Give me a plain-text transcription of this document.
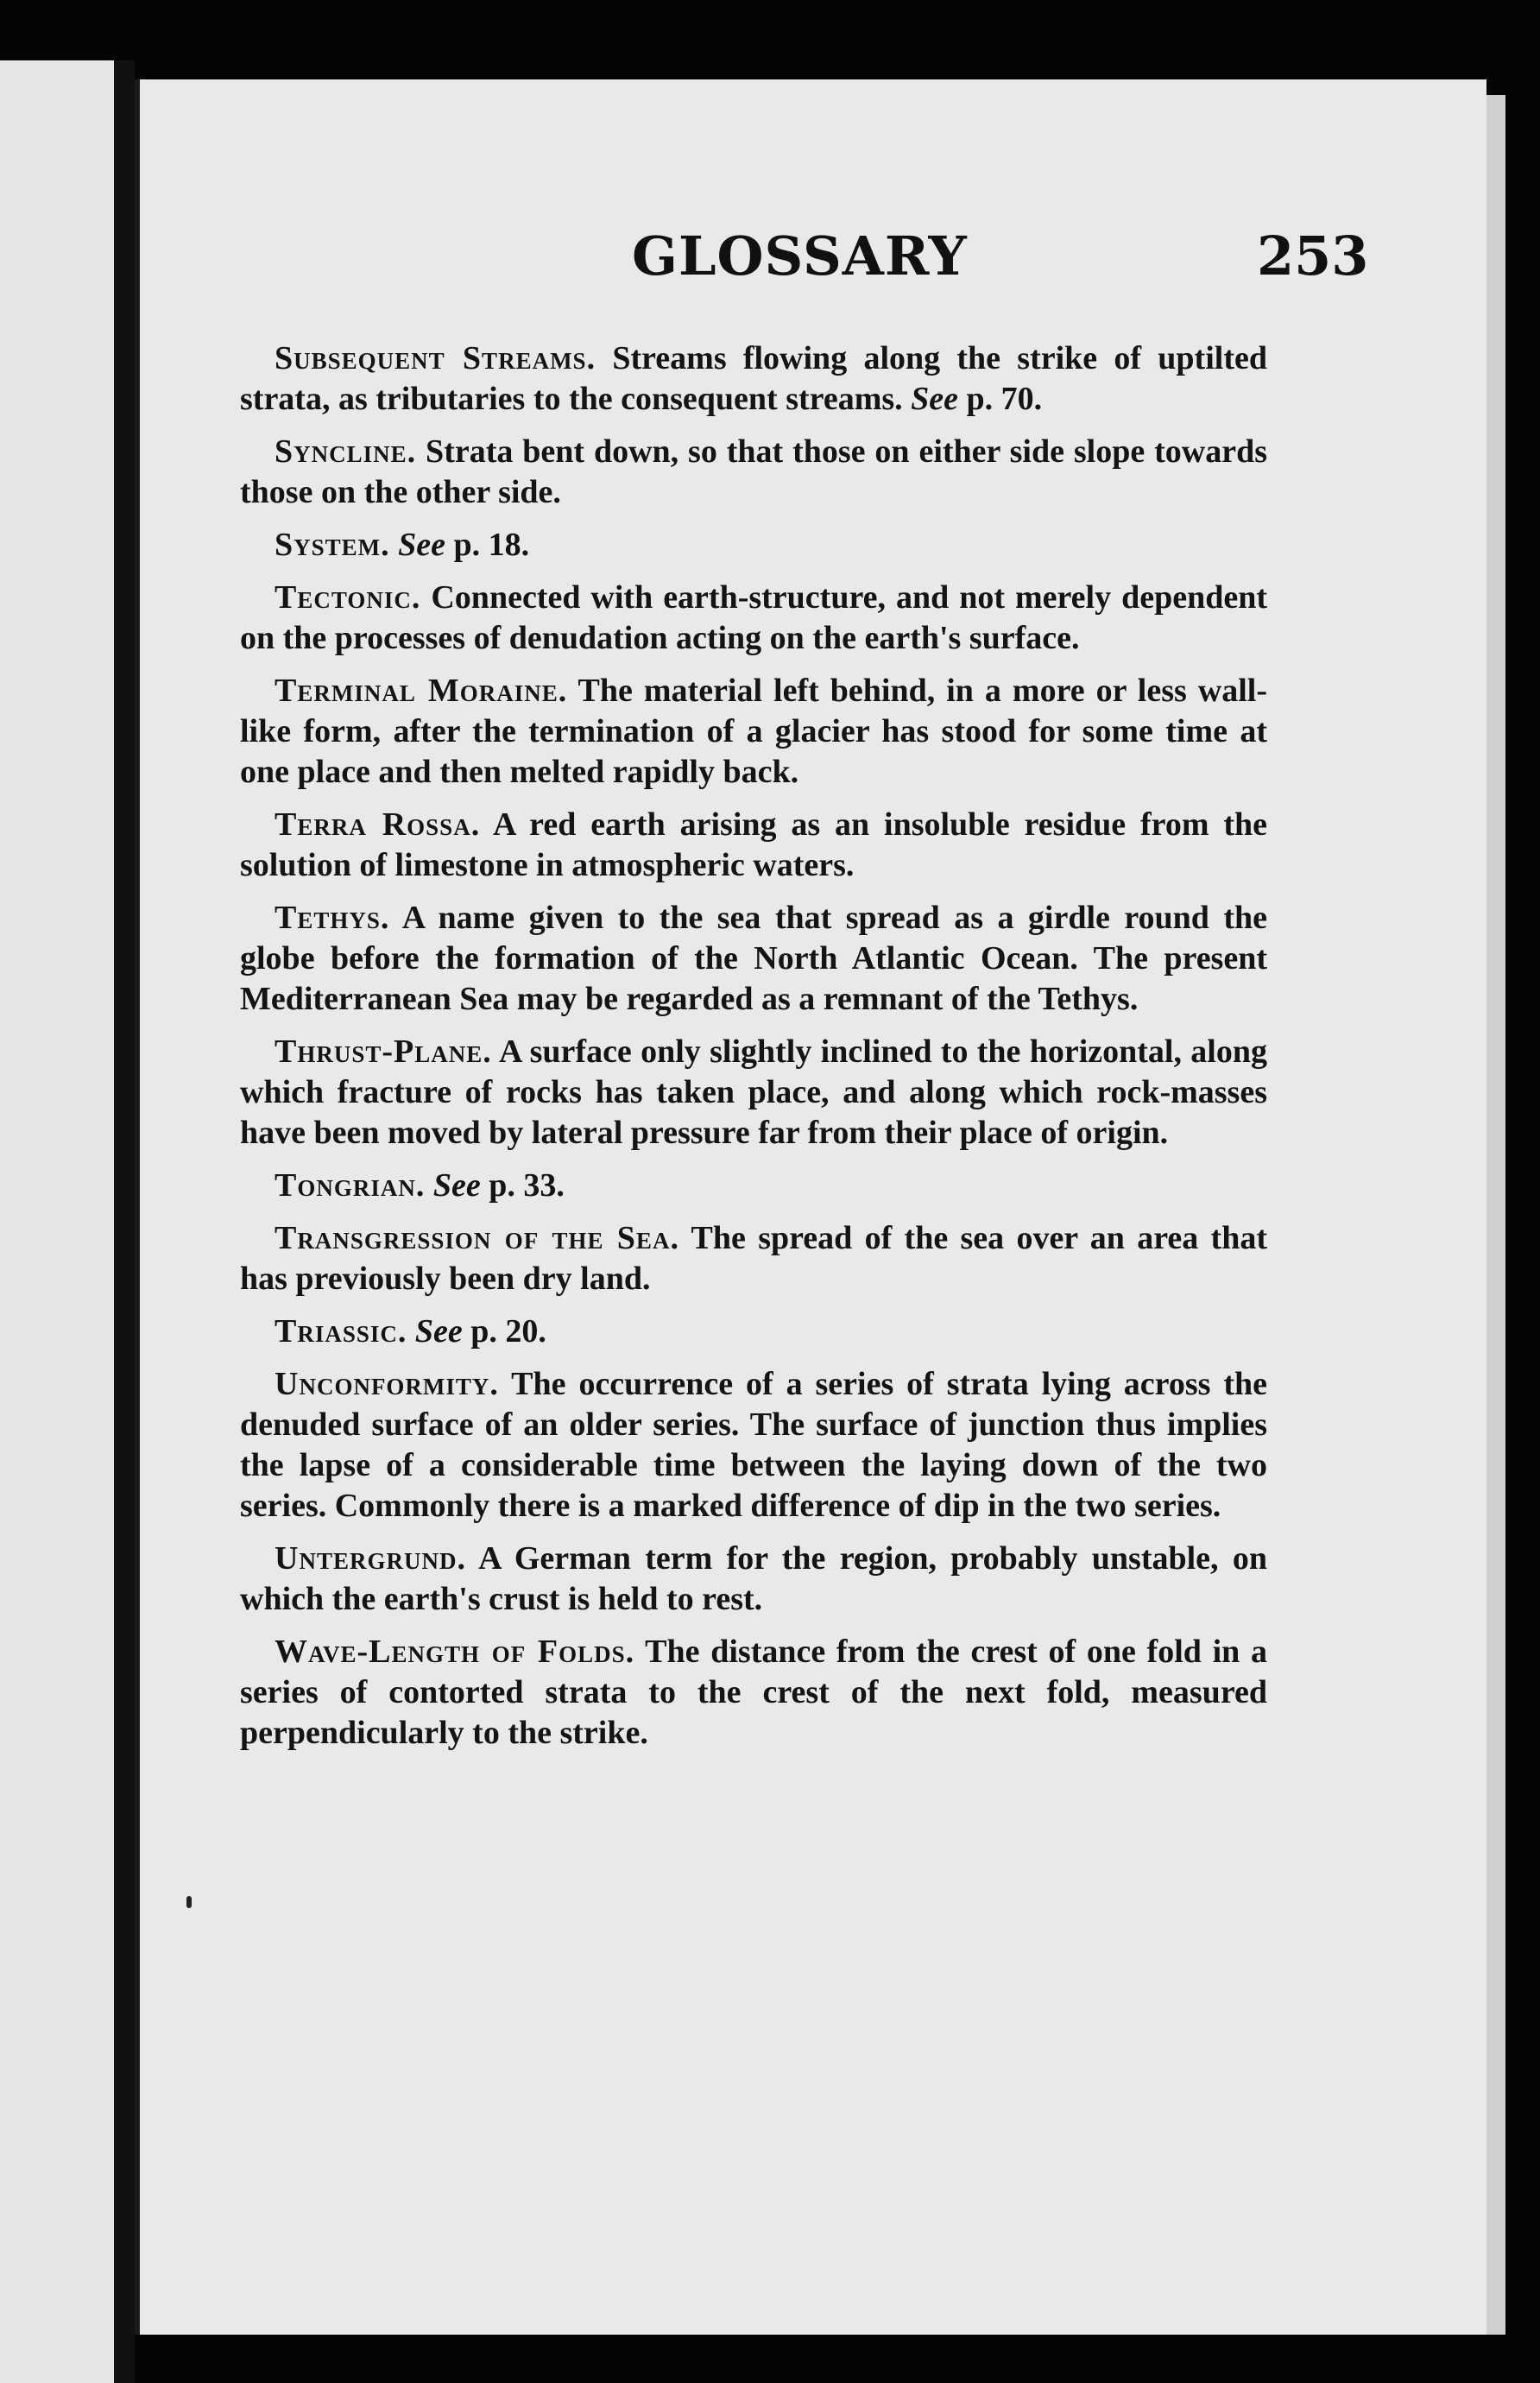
GLOSSARY	253

Subsequent Streams. Streams flowing along the strike of uptilted strata, as tributaries to the consequent streams. See p. 70.

Syncline. Strata bent down, so that those on either side slope towards those on the other side.

System. See p. 18.

Tectonic. Connected with earth-structure, and not merely dependent on the processes of denudation acting on the earth's surface.

Terminal Moraine. The material left behind, in a more or less wall-like form, after the termination of a glacier has stood for some time at one place and then melted rapidly back.

Terra Rossa. A red earth arising as an insoluble residue from the solution of limestone in atmospheric waters.

Tethys. A name given to the sea that spread as a girdle round the globe before the formation of the North Atlantic Ocean. The present Mediterranean Sea may be regarded as a remnant of the Tethys.

Thrust-Plane. A surface only slightly inclined to the horizontal, along which fracture of rocks has taken place, and along which rock-masses have been moved by lateral pressure far from their place of origin.

Tongrian. See p. 33.

Transgression of the Sea. The spread of the sea over an area that has previously been dry land.

Triassic. See p. 20.

Unconformity. The occurrence of a series of strata lying across the denuded surface of an older series. The surface of junction thus implies the lapse of a considerable time between the laying down of the two series. Commonly there is a marked difference of dip in the two series.

Untergrund. A German term for the region, probably unstable, on which the earth's crust is held to rest.

Wave-Length of Folds. The distance from the crest of one fold in a series of contorted strata to the crest of the next fold, measured perpendicularly to the strike.
